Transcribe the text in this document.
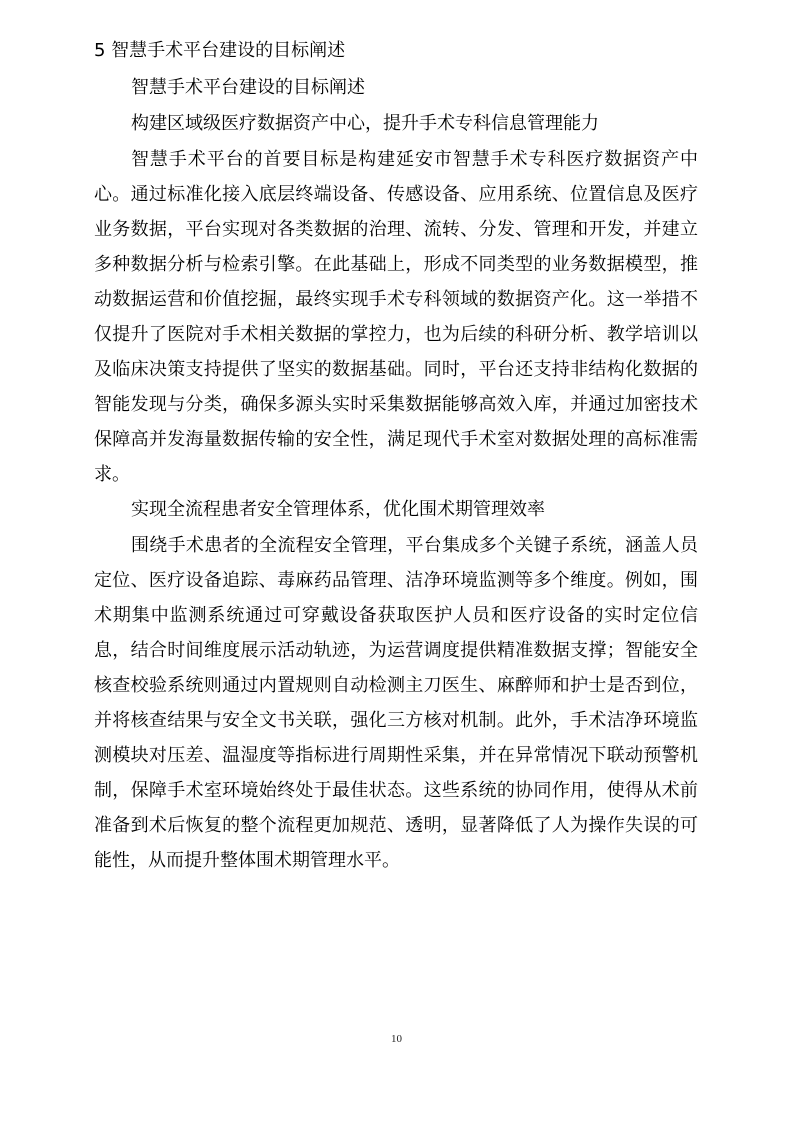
5 智慧手术平台建设的目标阐述

智慧手术平台建设的目标阐述

构建区域级医疗数据资产中心，提升手术专科信息管理能力

智慧手术平台的首要目标是构建延安市智慧手术专科医疗数据资产中心。通过标准化接入底层终端设备、传感设备、应用系统、位置信息及医疗业务数据，平台实现对各类数据的治理、流转、分发、管理和开发，并建立多种数据分析与检索引擎。在此基础上，形成不同类型的业务数据模型，推动数据运营和价值挖掘，最终实现手术专科领域的数据资产化。这一举措不仅提升了医院对手术相关数据的掌控力，也为后续的科研分析、教学培训以及临床决策支持提供了坚实的数据基础。同时，平台还支持非结构化数据的智能发现与分类，确保多源头实时采集数据能够高效入库，并通过加密技术保障高并发海量数据传输的安全性，满足现代手术室对数据处理的高标准需求。

实现全流程患者安全管理体系，优化围术期管理效率

围绕手术患者的全流程安全管理，平台集成多个关键子系统，涵盖人员定位、医疗设备追踪、毒麻药品管理、洁净环境监测等多个维度。例如，围术期集中监测系统通过可穿戴设备获取医护人员和医疗设备的实时定位信息，结合时间维度展示活动轨迹，为运营调度提供精准数据支撑；智能安全核查校验系统则通过内置规则自动检测主刀医生、麻醉师和护士是否到位，并将核查结果与安全文书关联，强化三方核对机制。此外，手术洁净环境监测模块对压差、温湿度等指标进行周期性采集，并在异常情况下联动预警机制，保障手术室环境始终处于最佳状态。这些系统的协同作用，使得从术前准备到术后恢复的整个流程更加规范、透明，显著降低了人为操作失误的可能性，从而提升整体围术期管理水平。

10
